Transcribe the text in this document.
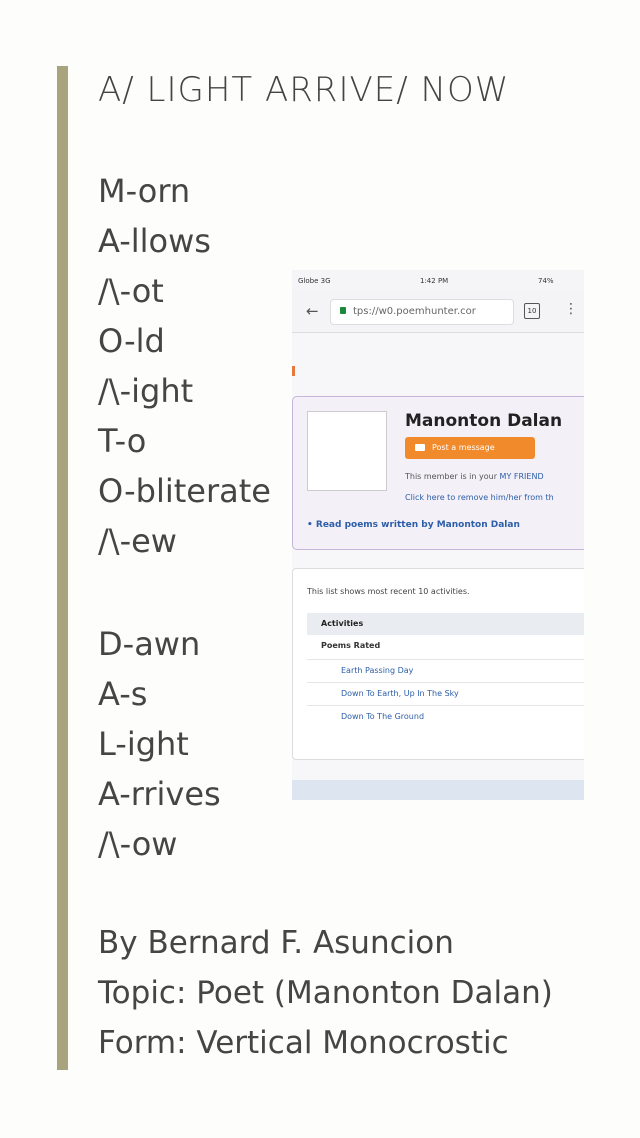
A/ LIGHT ARRIVE/ NOW
M-orn
A-llows
/\-ot
O-ld
/\-ight
T-o
O-bliterate
/\-ew
D-awn
A-s
L-ight
A-rrives
/\-ow
By Bernard F. Asuncion
Topic: Poet (Manonton Dalan)
Form: Vertical Monocrostic
Globe 3G	1:42 PM	74%
←	tps://w0.poemhunter.cor	10 ⋮
Manonton Dalan
Post a message
This member is in your MY FRIEND
Click here to remove him/her from th
• Read poems written by Manonton Dalan
This list shows most recent 10 activities.
Activities
Poems Rated
Earth Passing Day
Down To Earth, Up In The Sky
Down To The Ground
